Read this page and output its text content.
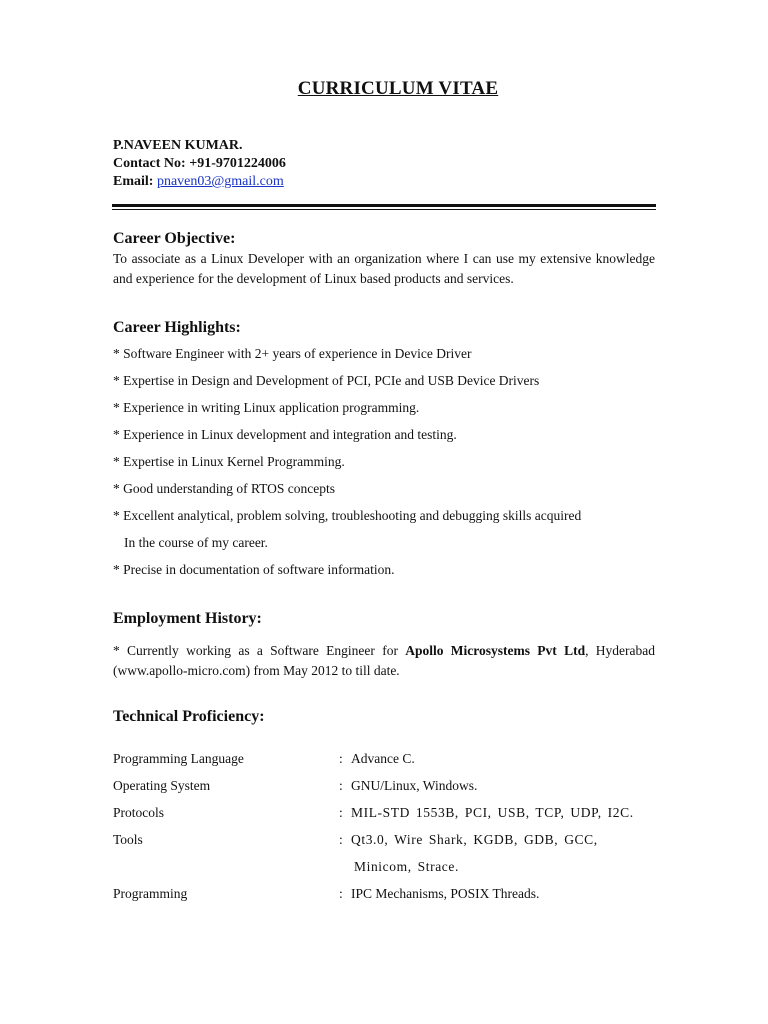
CURRICULUM VITAE
P.NAVEEN KUMAR.
Contact No: +91-9701224006
Email: pnaven03@gmail.com
Career Objective:
To associate as a Linux Developer with an organization where I can use my extensive knowledge and experience for the development of Linux based products and services.
Career Highlights:
* Software Engineer with 2+ years of experience in Device Driver
* Expertise in Design and Development of PCI, PCIe and USB Device Drivers
* Experience in writing Linux application programming.
* Experience in Linux development and integration and testing.
* Expertise in Linux Kernel Programming.
* Good understanding of RTOS concepts
* Excellent analytical, problem solving, troubleshooting and debugging skills acquired
In the course of my career.
* Precise in documentation of software information.
Employment History:
* Currently working as a Software Engineer for Apollo Microsystems Pvt Ltd, Hyderabad (www.apollo-micro.com) from May 2012 to till date.
Technical Proficiency:
Programming Language	: Advance C.
Operating System	: GNU/Linux, Windows.
Protocols	: MIL-STD 1553B, PCI, USB, TCP, UDP, I2C.
Tools	: Qt3.0, Wire Shark, KGDB, GDB, GCC,
Minicom, Strace.
Programming	: IPC Mechanisms, POSIX Threads.
